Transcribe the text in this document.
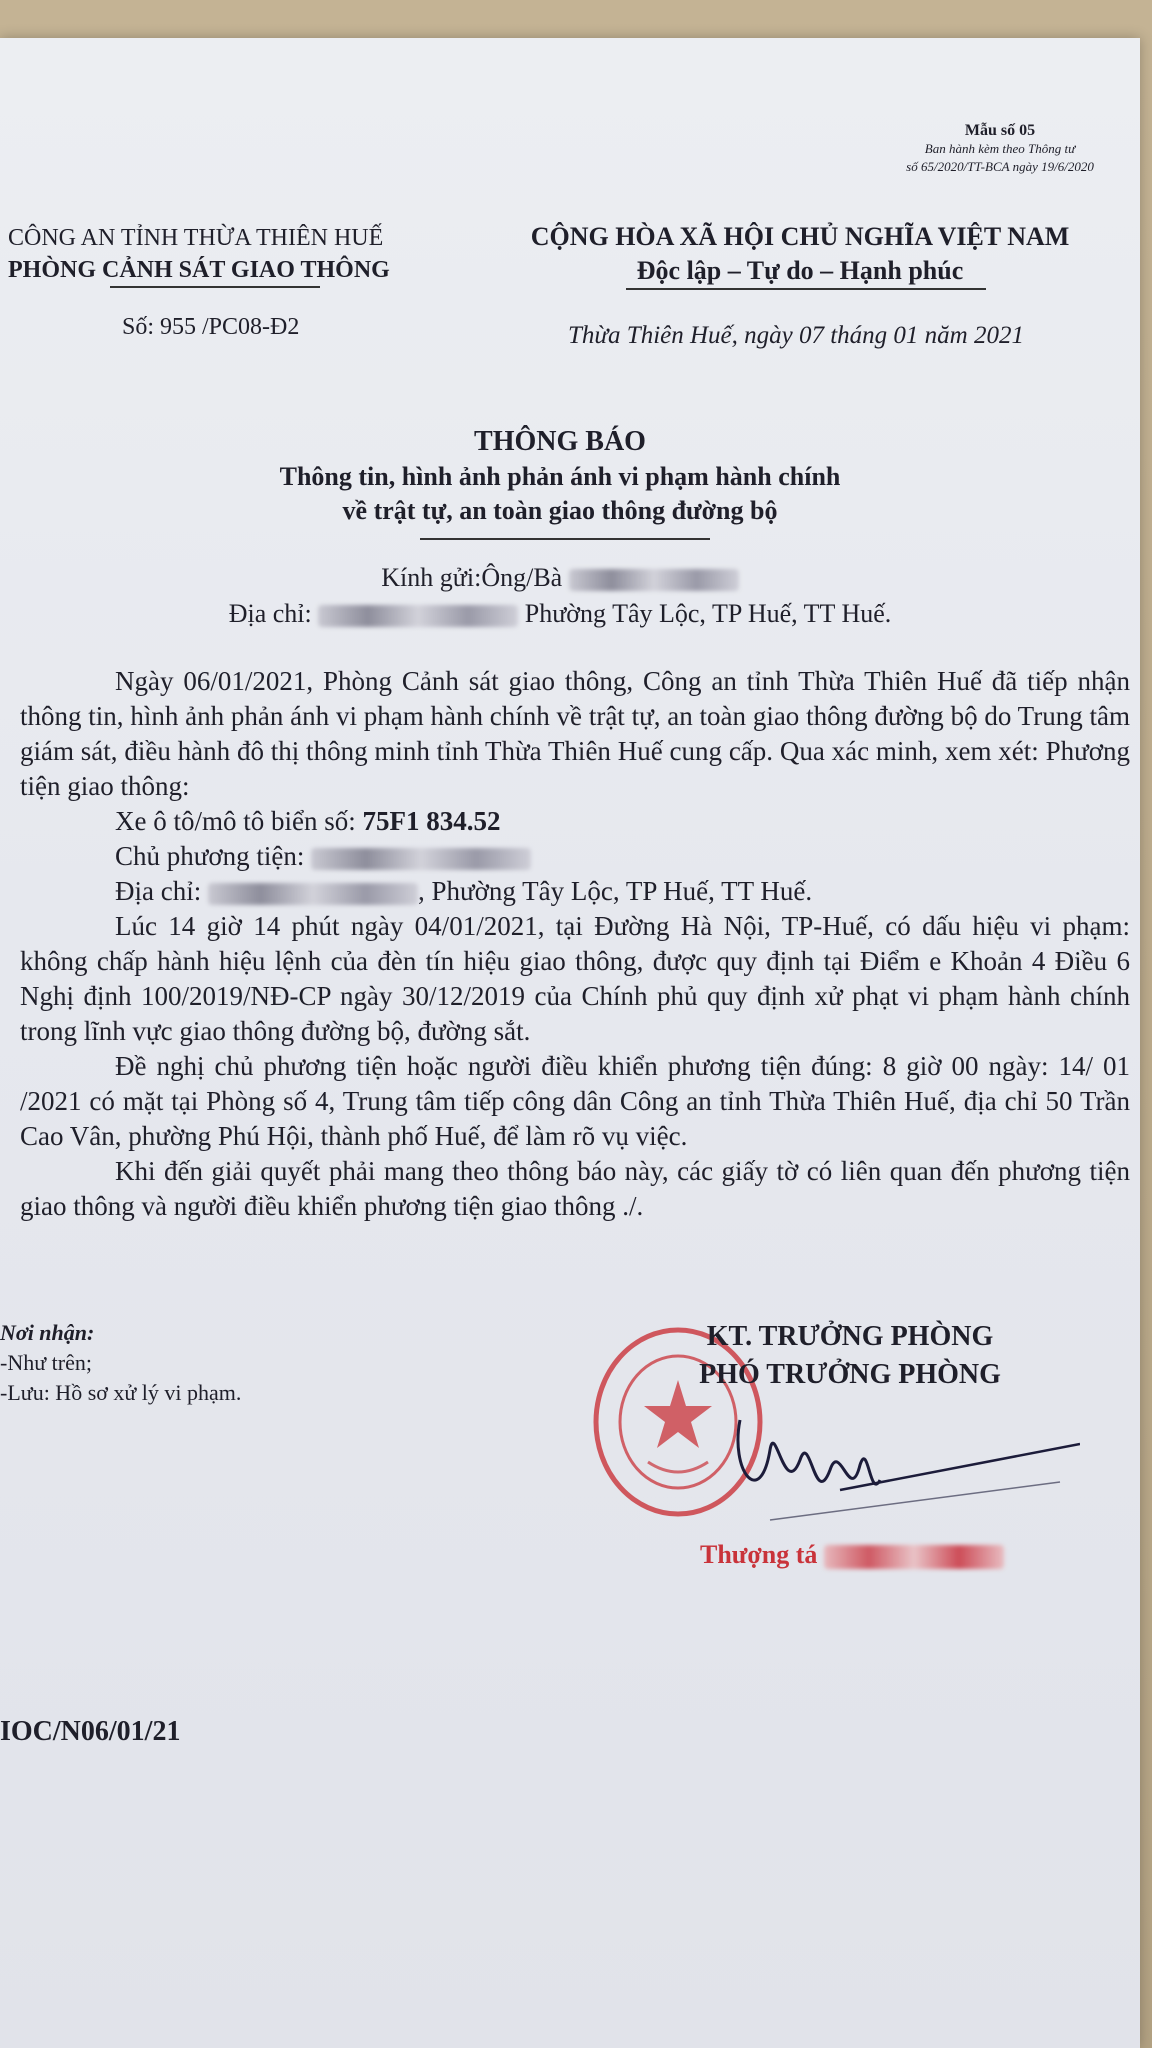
Mẫu số 05
Ban hành kèm theo Thông tư
số 65/2020/TT-BCA ngày 19/6/2020
CÔNG AN TỈNH THỪA THIÊN HUẾ
PHÒNG CẢNH SÁT GIAO THÔNG
Số: 955 /PC08-Đ2
CỘNG HÒA XÃ HỘI CHỦ NGHĨA VIỆT NAM
Độc lập – Tự do – Hạnh phúc
Thừa Thiên Huế, ngày 07 tháng 01 năm 2021
THÔNG BÁO
Thông tin, hình ảnh phản ánh vi phạm hành chính
về trật tự, an toàn giao thông đường bộ
Kính gửi:Ông/Bà
Địa chỉ:	Phường Tây Lộc, TP Huế, TT Huế.

Ngày 06/01/2021, Phòng Cảnh sát giao thông, Công an tỉnh Thừa Thiên Huế đã tiếp nhận thông tin, hình ảnh phản ánh vi phạm hành chính về trật tự, an toàn giao thông đường bộ do Trung tâm giám sát, điều hành đô thị thông minh tỉnh Thừa Thiên Huế cung cấp. Qua xác minh, xem xét: Phương tiện giao thông:

Xe ô tô/mô tô biển số: 75F1 834.52

Chủ phương tiện:

Địa chỉ:	, Phường Tây Lộc, TP Huế, TT Huế.

Lúc 14 giờ 14 phút ngày 04/01/2021, tại Đường Hà Nội, TP-Huế, có dấu hiệu vi phạm: không chấp hành hiệu lệnh của đèn tín hiệu giao thông, được quy định tại Điểm e Khoản 4 Điều 6 Nghị định 100/2019/NĐ-CP ngày 30/12/2019 của Chính phủ quy định xử phạt vi phạm hành chính trong lĩnh vực giao thông đường bộ, đường sắt.

Đề nghị chủ phương tiện hoặc người điều khiển phương tiện đúng: 8 giờ 00 ngày: 14/ 01 /2021 có mặt tại Phòng số 4, Trung tâm tiếp công dân Công an tỉnh Thừa Thiên Huế, địa chỉ 50 Trần Cao Vân, phường Phú Hội, thành phố Huế, để làm rõ vụ việc.

Khi đến giải quyết phải mang theo thông báo này, các giấy tờ có liên quan đến phương tiện giao thông và người điều khiển phương tiện giao thông ./.

Nơi nhận:
-Như trên;
-Lưu: Hồ sơ xử lý vi phạm.
KT. TRƯỞNG PHÒNG
PHÓ TRƯỞNG PHÒNG
Thượng tá
IOC/N06/01/21
